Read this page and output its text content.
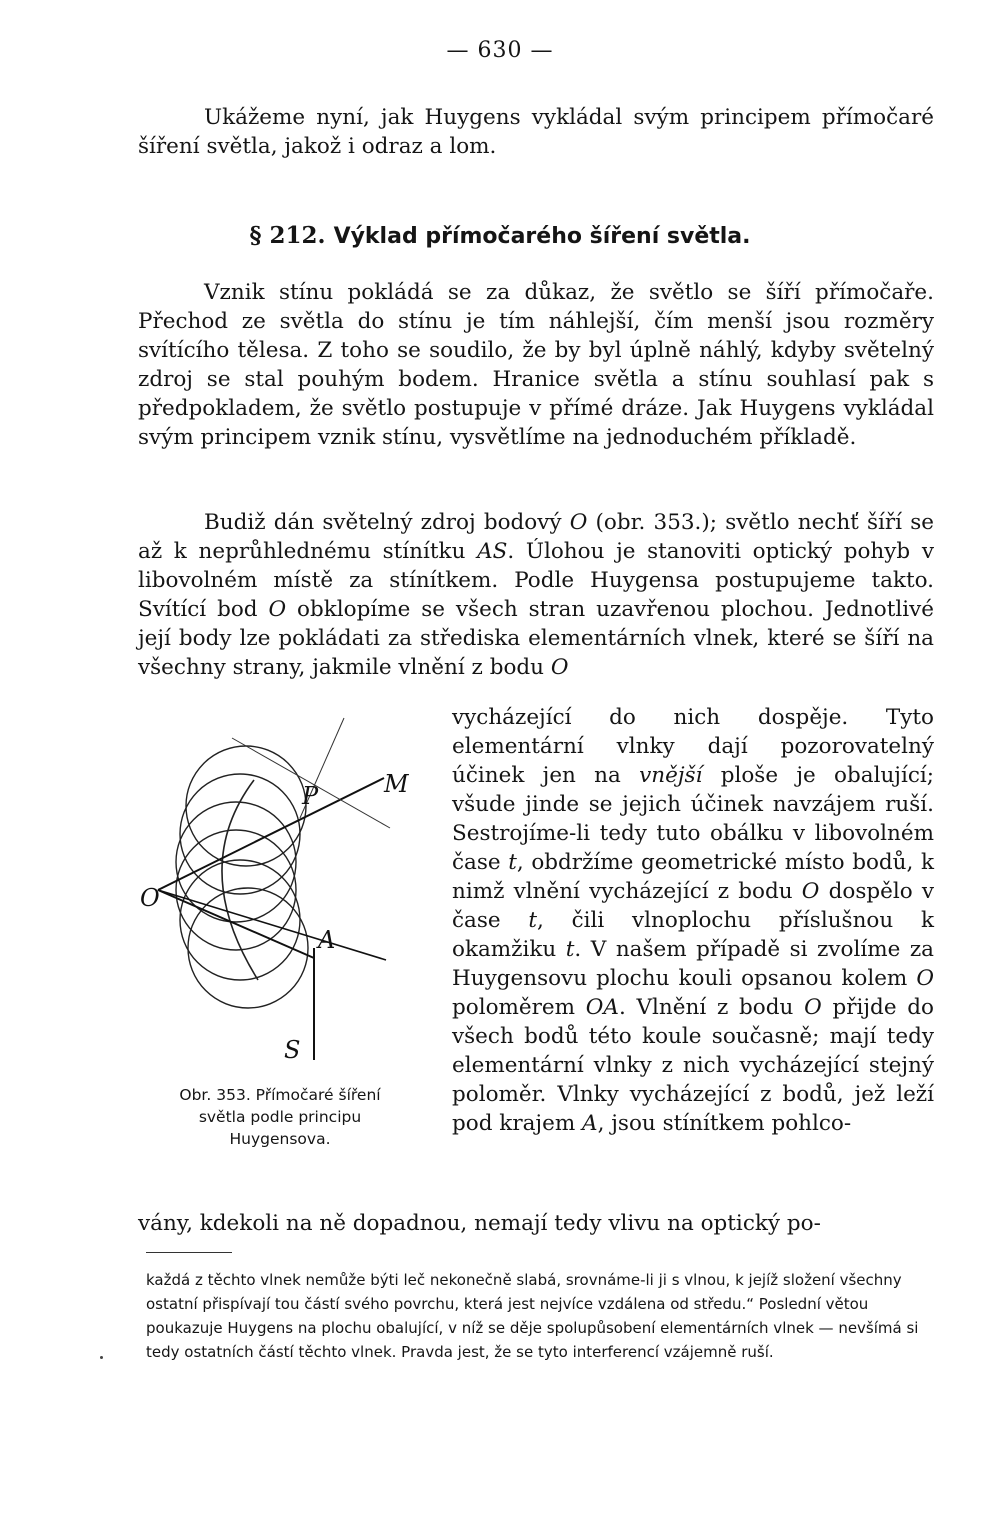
— 630 —

Ukážeme nyní, jak Huygens vykládal svým principem přímočaré šíření světla, jakož i odraz a lom.

§ 212. Výklad přímočarého šíření světla.

Vznik stínu pokládá se za důkaz, že světlo se šíří přímočaře. Přechod ze světla do stínu je tím náhlejší, čím menší jsou rozměry svítícího tělesa. Z toho se soudilo, že by byl úplně náhlý, kdyby světelný zdroj se stal pouhým bodem. Hranice světla a stínu souhlasí pak s předpokladem, že světlo postupuje v přímé dráze. Jak Huygens vykládal svým principem vznik stínu, vysvětlíme na jednoduchém příkladě.

Budiž dán světelný zdroj bodový O (obr. 353.); světlo nechť šíří se až k neprůhlednému stínítku AS. Úlohou je stanoviti optický pohyb v libovolném místě za stínítkem. Podle Huygensa postupujeme takto. Svítící bod O obklopíme se všech stran uzavřenou plochou. Jednotlivé její body lze pokládati za střediska elementárních vlnek, které se šíří na všechny strany, jakmile vlnění z bodu O

vycházející do nich dospěje. Tyto elementární vlnky dají pozorovatelný účinek jen na vnější ploše je obalující; všude jinde se jejich účinek navzájem ruší. Sestrojíme-li tedy tuto obálku v libovolném čase t, obdržíme geometrické místo bodů, k nimž vlnění vycházející z bodu O dospělo v čase t, čili vlnoplochu příslušnou k okamžiku t. V našem případě si zvolíme za Huygensovu plochu kouli opsanou kolem O poloměrem OA. Vlnění z bodu O přijde do všech bodů této koule současně; mají tedy elementární vlnky z nich vycházející stejný poloměr. Vlnky vycházející z bodů, jež leží pod krajem A, jsou stínítkem pohlco-

vány, kdekoli na ně dopadnou, nemají tedy vlivu na optický po-

O
P	M
A
S

Obr. 353. Přímočaré šíření
světla podle principu
Huygensova.

každá z těchto vlnek nemůže býti leč nekonečně slabá, srovnáme-li ji s vlnou, k jejíž složení všechny ostatní přispívají tou částí svého povrchu, která jest nejvíce vzdálena od středu.“ Poslední větou poukazuje Huygens na plochu obalující, v níž se děje spolupůsobení elementárních vlnek — nevšímá si tedy ostatních částí těchto vlnek. Pravda jest, že se tyto interferencí vzájemně ruší.
